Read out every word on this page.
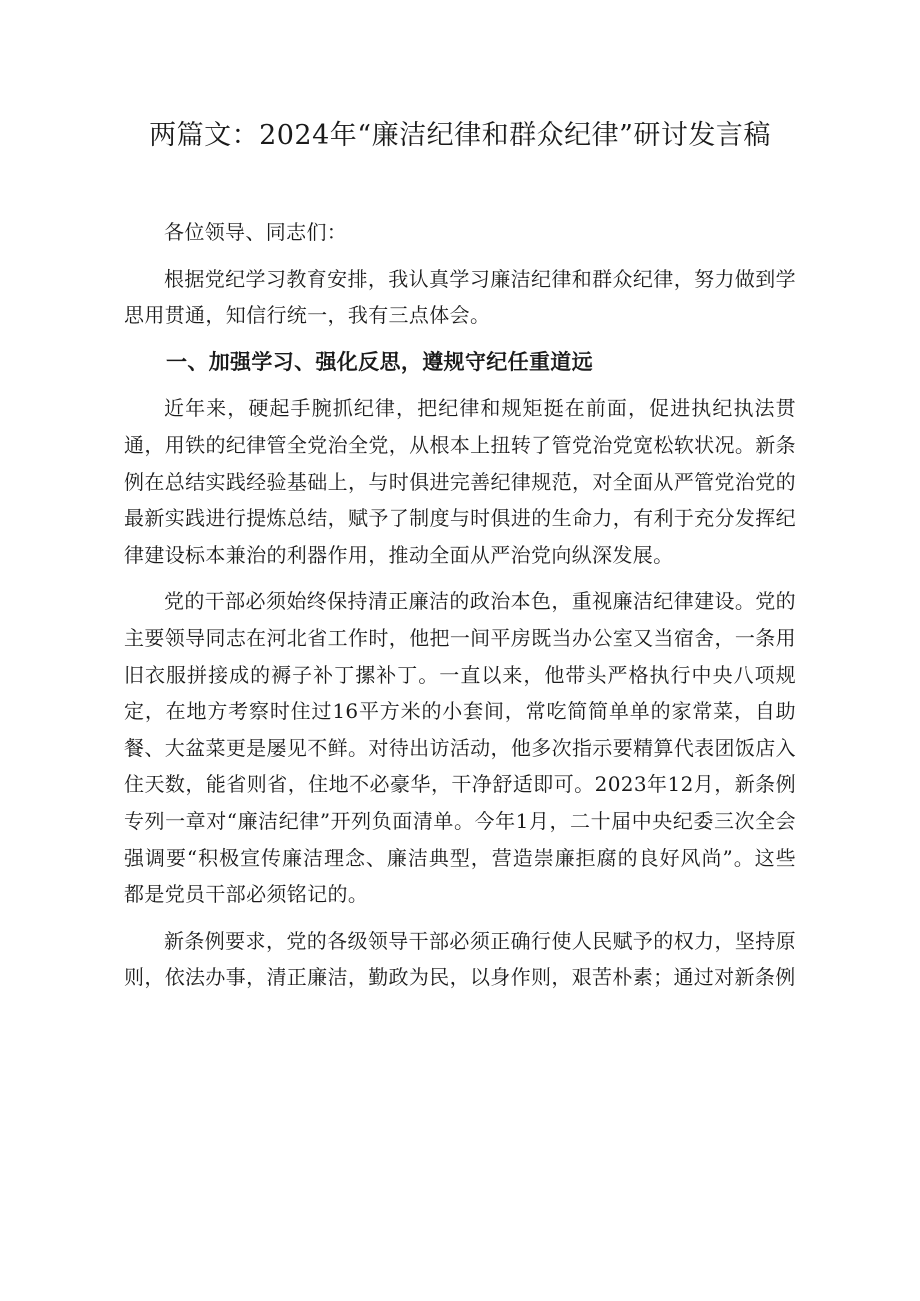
两篇文：2024年“廉洁纪律和群众纪律”研讨发言稿

各位领导、同志们：

根据党纪学习教育安排，我认真学习廉洁纪律和群众纪律，努力做到学思用贯通，知信行统一，我有三点体会。

一、加强学习、强化反思，遵规守纪任重道远

近年来，硬起手腕抓纪律，把纪律和规矩挺在前面，促进执纪执法贯通，用铁的纪律管全党治全党，从根本上扭转了管党治党宽松软状况。新条例在总结实践经验基础上，与时俱进完善纪律规范，对全面从严管党治党的最新实践进行提炼总结，赋予了制度与时俱进的生命力，有利于充分发挥纪律建设标本兼治的利器作用，推动全面从严治党向纵深发展。

党的干部必须始终保持清正廉洁的政治本色，重视廉洁纪律建设。党的主要领导同志在河北省工作时，他把一间平房既当办公室又当宿舍，一条用旧衣服拼接成的褥子补丁摞补丁。一直以来，他带头严格执行中央八项规定，在地方考察时住过16平方米的小套间，常吃简简单单的家常菜，自助餐、大盆菜更是屡见不鲜。对待出访活动，他多次指示要精算代表团饭店入住天数，能省则省，住地不必豪华，干净舒适即可。2023年12月，新条例专列一章对“廉洁纪律”开列负面清单。今年1月，二十届中央纪委三次全会强调要“积极宣传廉洁理念、廉洁典型，营造崇廉拒腐的良好风尚”。这些都是党员干部必须铭记的。

新条例要求，党的各级领导干部必须正确行使人民赋予的权力，坚持原则，依法办事，清正廉洁，勤政为民，以身作则，艰苦朴素；通过对新条例
